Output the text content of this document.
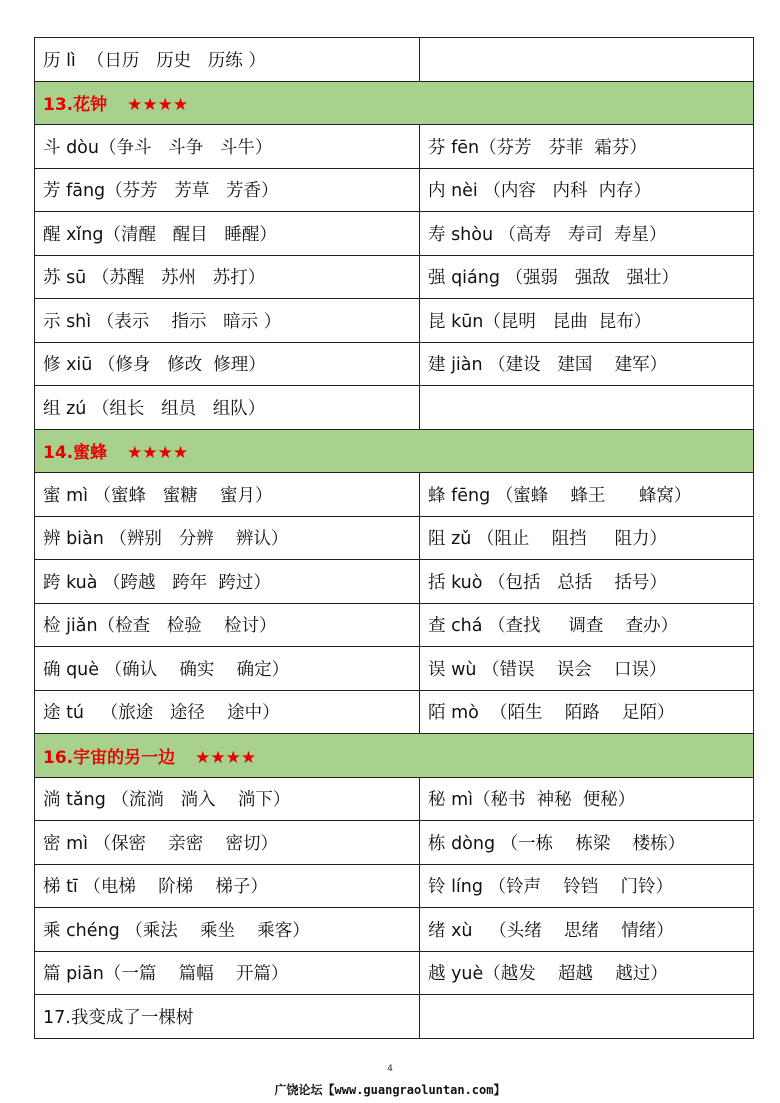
历 lì  （日历   历史   历练 ）	
13.花钟 ★★★★	
斗 dòu（争斗   斗争   斗牛）	芬 fēn（芬芳   芬菲  霜芬）
芳 fāng（芬芳   芳草   芳香）	内 nèi （内容   内科  内存）
醒 xǐng（清醒   醒目   睡醒）	寿 shòu （高寿   寿司  寿星）
苏 sū （苏醒   苏州   苏打）	强 qiáng （强弱   强敌   强壮）
示 shì （表示    指示   暗示 ）	昆 kūn（昆明   昆曲  昆布）
修 xiū （修身   修改  修理）	建 jiàn （建设   建国    建军）
组 zú （组长   组员   组队）	
14.蜜蜂 ★★★★	
蜜 mì （蜜蜂   蜜糖    蜜月）	蜂 fēng （蜜蜂    蜂王      蜂窝）
辨 biàn （辨别   分辨    辨认）	阻 zǔ （阻止    阻挡     阻力）
跨 kuà （跨越   跨年  跨过）	括 kuò （包括   总括    括号）
检 jiǎn（检查   检验    检讨）	查 chá （查找     调查    查办）
确 què （确认    确实    确定）	误 wù （错误    误会    口误）
途 tú   （旅途   途径    途中）	陌 mò  （陌生    陌路    足陌）
16.宇宙的另一边 ★★★★	
淌 tǎng （流淌   淌入    淌下）	秘 mì（秘书  神秘  便秘）
密 mì （保密    亲密    密切）	栋 dòng （一栋    栋梁    楼栋）
梯 tī （电梯    阶梯    梯子）	铃 líng （铃声    铃铛    门铃）
乘 chéng （乘法    乘坐    乘客）	绪 xù   （头绪    思绪    情绪）
篇 piān（一篇    篇幅    开篇）	越 yuè（越发    超越    越过）
17.我变成了一棵树	
4
广饶论坛【www.guangraoluntan.com】
